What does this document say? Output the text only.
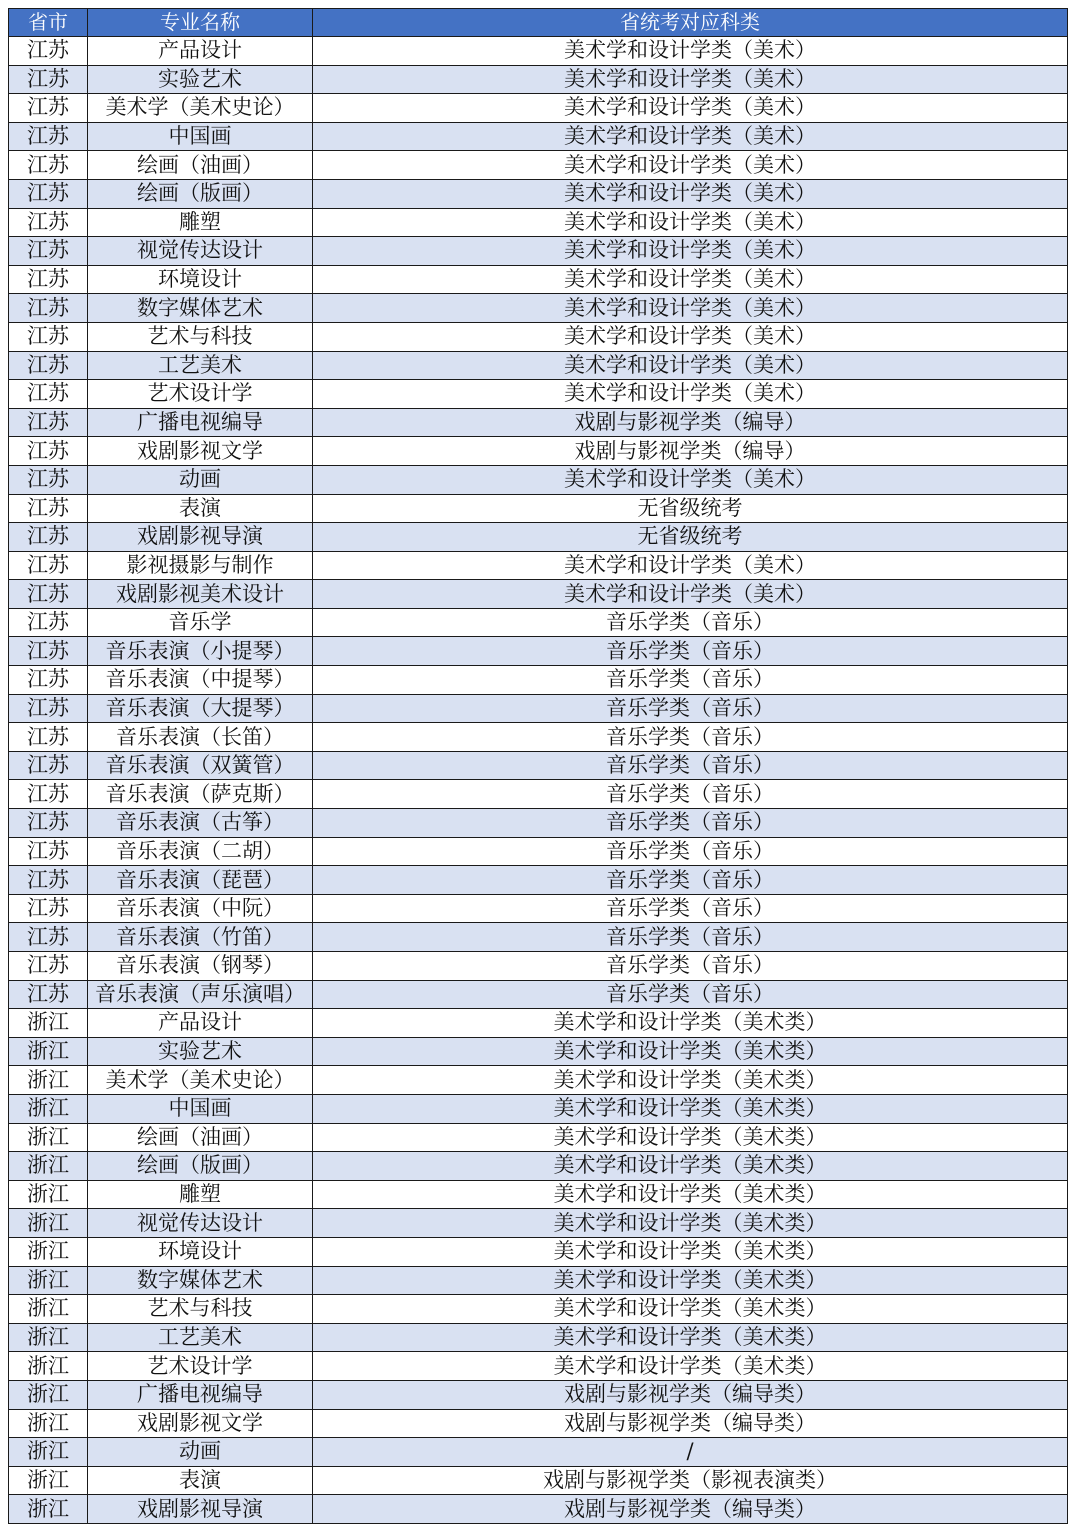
省市	专业名称	省统考对应科类
江苏	产品设计	美术学和设计学类（美术）
江苏	实验艺术	美术学和设计学类（美术）
江苏	美术学（美术史论）	美术学和设计学类（美术）
江苏	中国画	美术学和设计学类（美术）
江苏	绘画（油画）	美术学和设计学类（美术）
江苏	绘画（版画）	美术学和设计学类（美术）
江苏	雕塑	美术学和设计学类（美术）
江苏	视觉传达设计	美术学和设计学类（美术）
江苏	环境设计	美术学和设计学类（美术）
江苏	数字媒体艺术	美术学和设计学类（美术）
江苏	艺术与科技	美术学和设计学类（美术）
江苏	工艺美术	美术学和设计学类（美术）
江苏	艺术设计学	美术学和设计学类（美术）
江苏	广播电视编导	戏剧与影视学类（编导）
江苏	戏剧影视文学	戏剧与影视学类（编导）
江苏	动画	美术学和设计学类（美术）
江苏	表演	无省级统考
江苏	戏剧影视导演	无省级统考
江苏	影视摄影与制作	美术学和设计学类（美术）
江苏	戏剧影视美术设计	美术学和设计学类（美术）
江苏	音乐学	音乐学类（音乐）
江苏	音乐表演（小提琴）	音乐学类（音乐）
江苏	音乐表演（中提琴）	音乐学类（音乐）
江苏	音乐表演（大提琴）	音乐学类（音乐）
江苏	音乐表演（长笛）	音乐学类（音乐）
江苏	音乐表演（双簧管）	音乐学类（音乐）
江苏	音乐表演（萨克斯）	音乐学类（音乐）
江苏	音乐表演（古筝）	音乐学类（音乐）
江苏	音乐表演（二胡）	音乐学类（音乐）
江苏	音乐表演（琵琶）	音乐学类（音乐）
江苏	音乐表演（中阮）	音乐学类（音乐）
江苏	音乐表演（竹笛）	音乐学类（音乐）
江苏	音乐表演（钢琴）	音乐学类（音乐）
江苏	音乐表演（声乐演唱）	音乐学类（音乐）
浙江	产品设计	美术学和设计学类（美术类）
浙江	实验艺术	美术学和设计学类（美术类）
浙江	美术学（美术史论）	美术学和设计学类（美术类）
浙江	中国画	美术学和设计学类（美术类）
浙江	绘画（油画）	美术学和设计学类（美术类）
浙江	绘画（版画）	美术学和设计学类（美术类）
浙江	雕塑	美术学和设计学类（美术类）
浙江	视觉传达设计	美术学和设计学类（美术类）
浙江	环境设计	美术学和设计学类（美术类）
浙江	数字媒体艺术	美术学和设计学类（美术类）
浙江	艺术与科技	美术学和设计学类（美术类）
浙江	工艺美术	美术学和设计学类（美术类）
浙江	艺术设计学	美术学和设计学类（美术类）
浙江	广播电视编导	戏剧与影视学类（编导类）
浙江	戏剧影视文学	戏剧与影视学类（编导类）
浙江	动画	/
浙江	表演	戏剧与影视学类（影视表演类）
浙江	戏剧影视导演	戏剧与影视学类（编导类）
